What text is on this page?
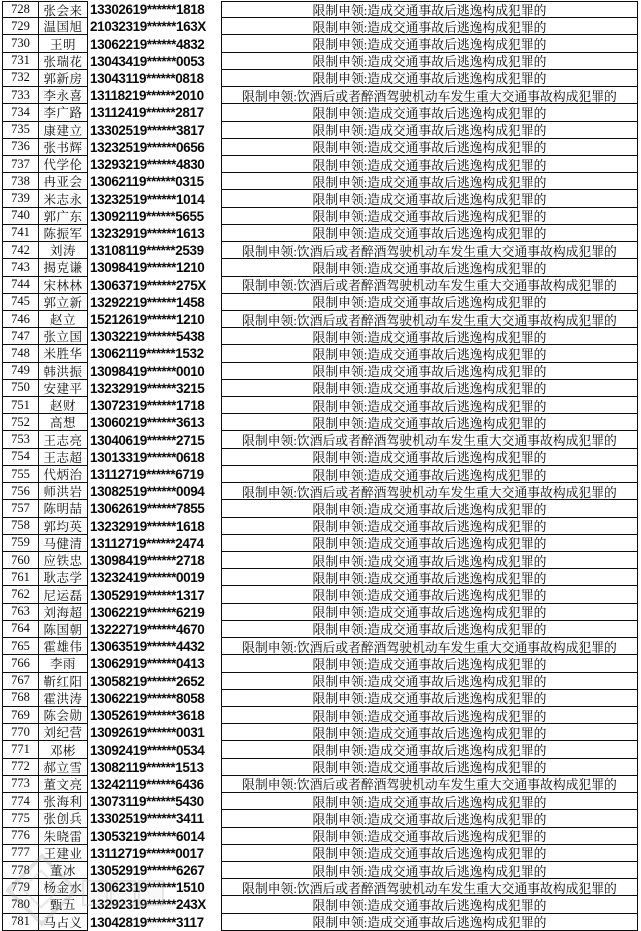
728	张会来 13302619******1818	限制申领:造成交通事故后逃逸构成犯罪的
729	温国旭 21032319******163X	限制申领:造成交通事故后逃逸构成犯罪的
730	王明	13062219******4832	限制申领:造成交通事故后逃逸构成犯罪的
731	张瑞花 13043419******0053	限制申领:造成交通事故后逃逸构成犯罪的
732	郭新房 13043119******0818	限制申领:造成交通事故后逃逸构成犯罪的
733	李永喜 13118219******2010	限制申领:饮酒后或者醉酒驾驶机动车发生重大交通事故构成犯罪的
734	李广路 13112419******2817	限制申领:造成交通事故后逃逸构成犯罪的
735	康建立 13302519******3817	限制申领:造成交通事故后逃逸构成犯罪的
736	张书辉 13232519******0656	限制申领:造成交通事故后逃逸构成犯罪的
737	代学伦 13293219******4830	限制申领:造成交通事故后逃逸构成犯罪的
738	冉亚会 13062119******0315	限制申领:造成交通事故后逃逸构成犯罪的
739	米志永 13232519******1014	限制申领:造成交通事故后逃逸构成犯罪的
740	郭广东 13092119******5655	限制申领:造成交通事故后逃逸构成犯罪的
741	陈振军 13232919******1613	限制申领:造成交通事故后逃逸构成犯罪的
742	刘涛	13108119******2539	限制申领:饮酒后或者醉酒驾驶机动车发生重大交通事故构成犯罪的
743	揭克谦 13098419******1210	限制申领:造成交通事故后逃逸构成犯罪的
744	宋林林 13063719******275X	限制申领:饮酒后或者醉酒驾驶机动车发生重大交通事故构成犯罪的
745	郭立新 13292219******1458	限制申领:造成交通事故后逃逸构成犯罪的
746	赵立	15212619******1210	限制申领:饮酒后或者醉酒驾驶机动车发生重大交通事故构成犯罪的
747	张立国 13032219******5438	限制申领:造成交通事故后逃逸构成犯罪的
748	米胜华 13062119******1532	限制申领:造成交通事故后逃逸构成犯罪的
749	韩洪振 13098419******0010	限制申领:造成交通事故后逃逸构成犯罪的
750	安建平 13232919******3215	限制申领:造成交通事故后逃逸构成犯罪的
751	赵财	13072319******1718	限制申领:造成交通事故后逃逸构成犯罪的
752	高想	13060219******3613	限制申领:造成交通事故后逃逸构成犯罪的
753	王志亮 13040619******2715	限制申领:饮酒后或者醉酒驾驶机动车发生重大交通事故构成犯罪的
754	王志超 13013319******0618	限制申领:造成交通事故后逃逸构成犯罪的
755	代炳治 13112719******6719	限制申领:造成交通事故后逃逸构成犯罪的
756	师洪岩 13082519******0094	限制申领:饮酒后或者醉酒驾驶机动车发生重大交通事故构成犯罪的
757	陈明喆 13062619******7855	限制申领:造成交通事故后逃逸构成犯罪的
758	郭均英 13232919******1618	限制申领:造成交通事故后逃逸构成犯罪的
759	马健清 13112719******2474	限制申领:造成交通事故后逃逸构成犯罪的
760	应铁忠 13098419******2718	限制申领:造成交通事故后逃逸构成犯罪的
761	耿志学 13232419******0019	限制申领:造成交通事故后逃逸构成犯罪的
762	尼运磊 13052919******1317	限制申领:造成交通事故后逃逸构成犯罪的
763	刘海超 13062219******6219	限制申领:造成交通事故后逃逸构成犯罪的
764	陈国朝 13222719******4670	限制申领:造成交通事故后逃逸构成犯罪的
765	霍雄伟 13063519******4432	限制申领:饮酒后或者醉酒驾驶机动车发生重大交通事故构成犯罪的
766	李雨	13062919******0413	限制申领:造成交通事故后逃逸构成犯罪的
767	靳红阳 13058219******2652	限制申领:造成交通事故后逃逸构成犯罪的
768	霍洪涛 13062219******8058	限制申领:造成交通事故后逃逸构成犯罪的
769	陈会勋 13052619******3618	限制申领:造成交通事故后逃逸构成犯罪的
770	刘纪营 13092619******0031	限制申领:造成交通事故后逃逸构成犯罪的
771	邓彬	13092419******0534	限制申领:造成交通事故后逃逸构成犯罪的
772	郝立雪 13082119******1513	限制申领:造成交通事故后逃逸构成犯罪的
773	董文亮 13242119******6436	限制申领:饮酒后或者醉酒驾驶机动车发生重大交通事故构成犯罪的
774	张海利 13073119******5430	限制申领:造成交通事故后逃逸构成犯罪的
775	张创兵 13302519******3411	限制申领:造成交通事故后逃逸构成犯罪的
776	朱晓雷 13053219******6014	限制申领:造成交通事故后逃逸构成犯罪的
777	王建业 13112719******0017	限制申领:造成交通事故后逃逸构成犯罪的
778	董冰	13052919******6267	限制申领:造成交通事故后逃逸构成犯罪的
779	杨金水 13062319******1510	限制申领:饮酒后或者醉酒驾驶机动车发生重大交通事故构成犯罪的
780	甄五	13292319******243X	限制申领:造成交通事故后逃逸构成犯罪的
781	马占义 13042819******3117	限制申领:造成交通事故后逃逸构成犯罪的
